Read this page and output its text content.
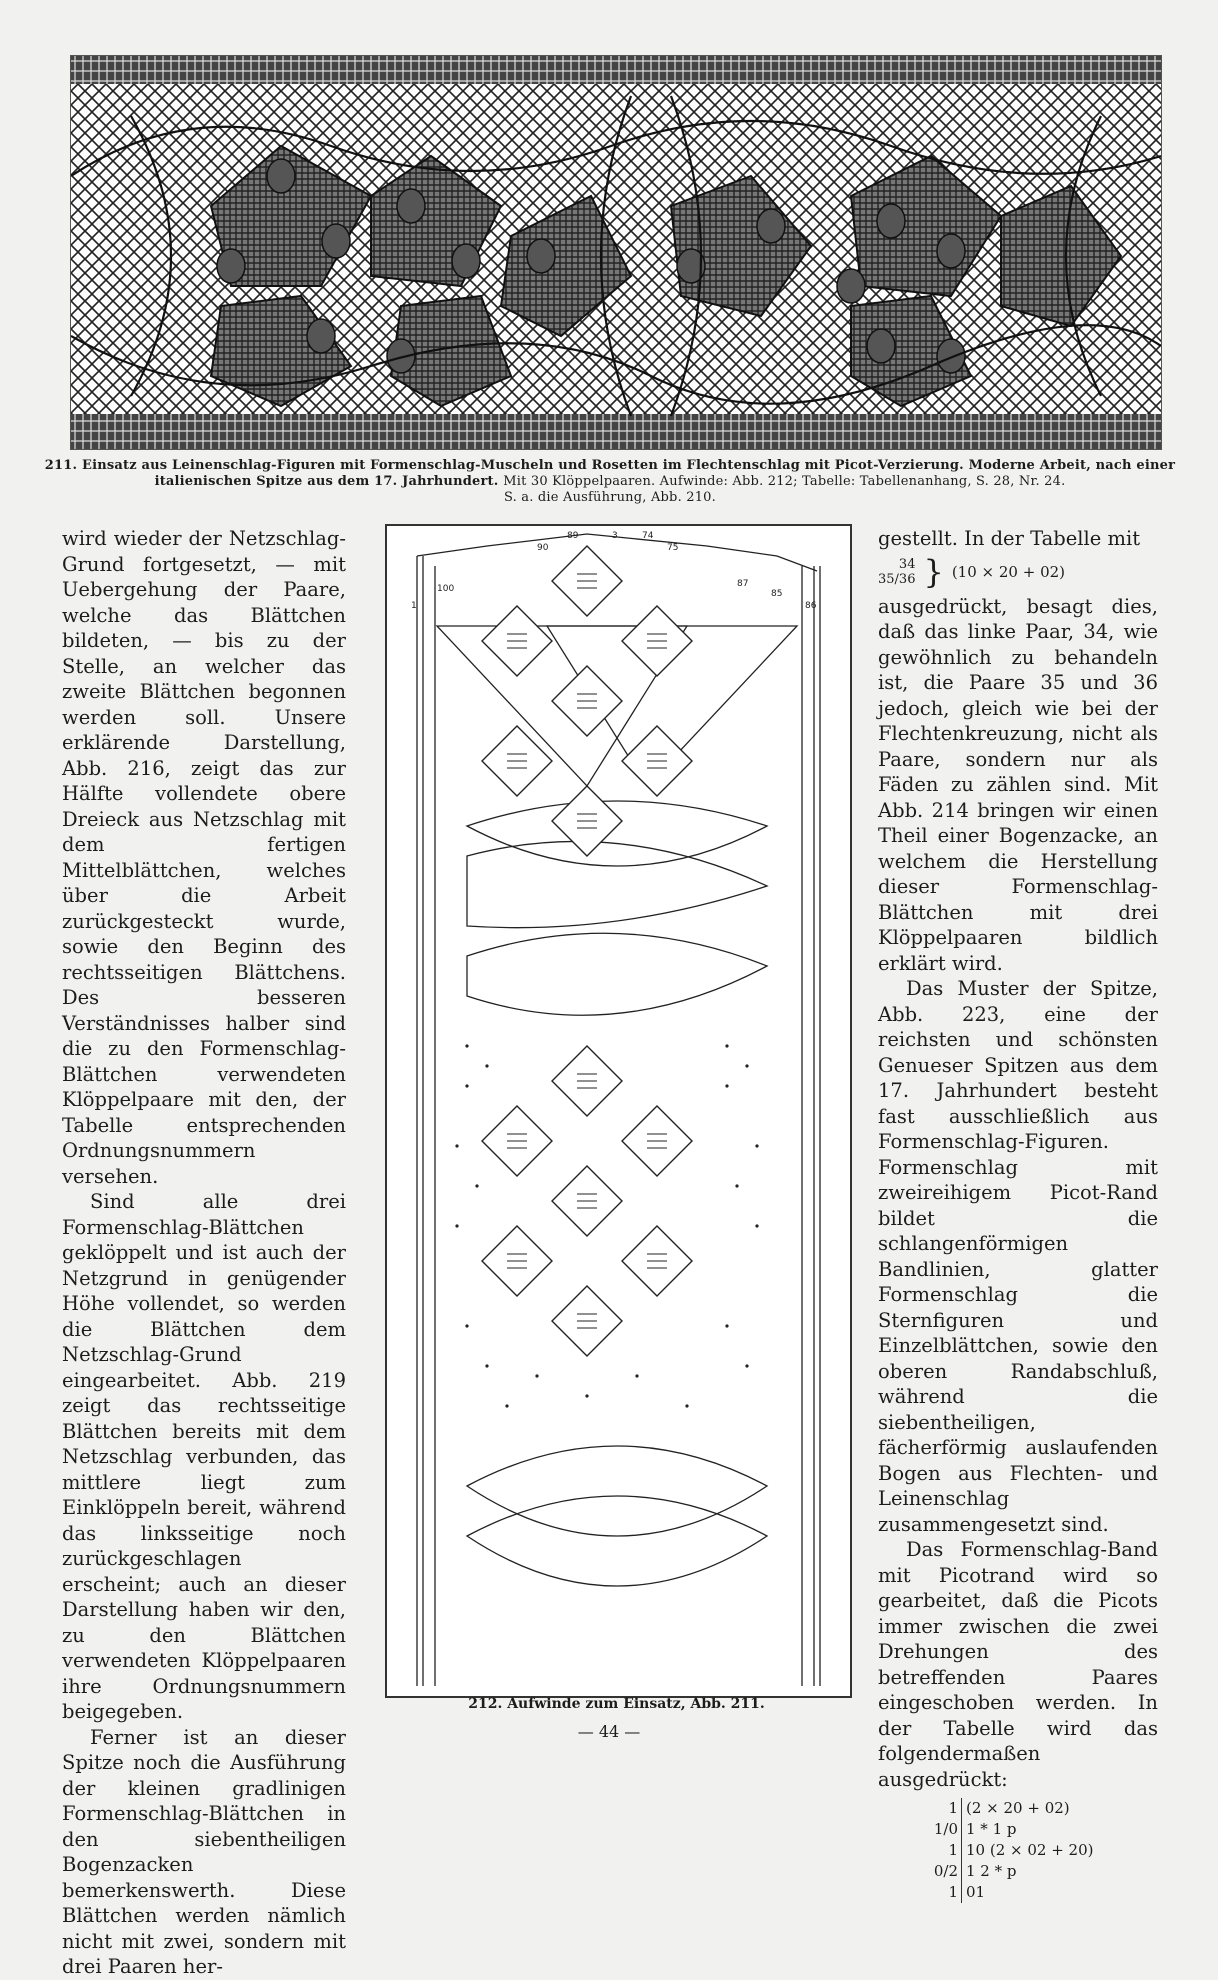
211. Einsatz aus Leinenschlag-Figuren mit Formenschlag-Muscheln und Rosetten im Flechtenschlag mit Picot-Verzierung. Moderne Arbeit, nach einer italienischen Spitze aus dem 17. Jahrhundert. Mit 30 Klöppelpaaren. Aufwinde: Abb. 212; Tabelle: Tabellenanhang, S. 28, Nr. 24.
S. a. die Ausführung, Abb. 210.

wird wieder der Netzschlag-Grund fortgesetzt, — mit Uebergehung der Paare, welche das Blättchen bildeten, — bis zu der Stelle, an welcher das zweite Blättchen begonnen werden soll. Unsere erklärende Darstellung, Abb. 216, zeigt das zur Hälfte vollendete obere Dreieck aus Netzschlag mit dem fertigen Mittelblättchen, welches über die Arbeit zurückgesteckt wurde, sowie den Beginn des rechtsseitigen Blättchens. Des besseren Verständnisses halber sind die zu den Formenschlag-Blättchen verwendeten Klöppelpaare mit den, der Tabelle entsprechenden Ordnungsnummern versehen.

Sind alle drei Formenschlag-Blättchen geklöppelt und ist auch der Netzgrund in genügender Höhe vollendet, so werden die Blättchen dem Netzschlag-Grund eingearbeitet. Abb. 219 zeigt das rechtsseitige Blättchen bereits mit dem Netzschlag verbunden, das mittlere liegt zum Einklöppeln bereit, während das linksseitige noch zurückgeschlagen erscheint; auch an dieser Darstellung haben wir den, zu den Blättchen verwendeten Klöppelpaaren ihre Ordnungsnummern beigegeben.

Ferner ist an dieser Spitze noch die Ausführung der kleinen gradlinigen Formenschlag-Blättchen in den siebentheiligen Bogenzacken bemerkenswerth. Diese Blättchen werden nämlich nicht mit zwei, sondern mit drei Paaren her-

89	3	74
90	75
100	87
85
1	86
212. Aufwinde zum Einsatz, Abb. 211.

gestellt. In der Tabelle mit

34
35/36 } (10 × 20 + 02)

ausgedrückt, besagt dies, daß das linke Paar, 34, wie gewöhnlich zu behandeln ist, die Paare 35 und 36 jedoch, gleich wie bei der Flechtenkreuzung, nicht als Paare, sondern nur als Fäden zu zählen sind. Mit Abb. 214 bringen wir einen Theil einer Bogenzacke, an welchem die Herstellung dieser Formenschlag-Blättchen mit drei Klöppelpaaren bildlich erklärt wird.

Das Muster der Spitze, Abb. 223, eine der reichsten und schönsten Genueser Spitzen aus dem 17. Jahrhundert besteht fast ausschließlich aus Formenschlag-Figuren. Formenschlag mit zweireihigem Picot-Rand bildet die schlangenförmigen Bandlinien, glatter Formenschlag die Sternfiguren und Einzelblättchen, sowie den oberen Randabschluß, während die siebentheiligen, fächerförmig auslaufenden Bogen aus Flechten- und Leinenschlag zusammengesetzt sind.

Das Formenschlag-Band mit Picotrand wird so gearbeitet, daß die Picots immer zwischen die zwei Drehungen des betreffenden Paares eingeschoben werden. In der Tabelle wird das folgendermaßen ausgedrückt:

1 (2 × 20 + 02)
1/0 1 * 1 p
1 10 (2 × 02 + 20)
0/2 1 2 * p
1 01
— 44 —
